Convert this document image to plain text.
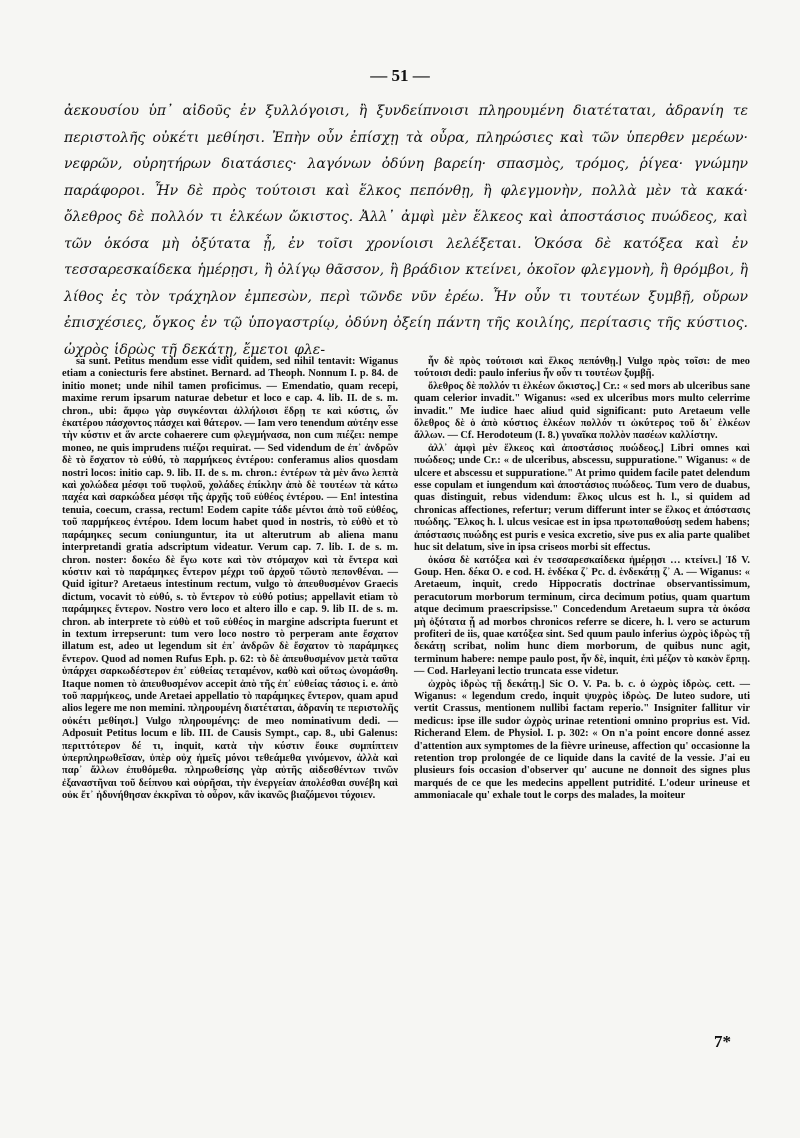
— 51 —
ἀεκουσίου ὑπ᾽ αἰδοῦς ἐν ξυλλόγοισι, ἢ ξυνδείπνοισι πληρουμένη διατέταται, ἀδρανίη τε περιστολῆς οὐκέτι μεθίησι. Ἐπὴν οὖν ἐπίσχῃ τὰ οὖρα, πληρώσιες καὶ τῶν ὑπερθεν μερέων· νεφρῶν, οὐρητήρων διατάσιες· λαγόνων ὀδύνη βαρείη· σπασμὸς, τρόμος, ῥίγεα· γνώμην παράφοροι. Ἦν δὲ πρὸς τούτοισι καὶ ἕλκος πεπόνθῃ, ἢ φλεγμονὴν, πολλὰ μὲν τὰ κακά· ὄλεθρος δὲ πολλόν τι ἑλκέων ὤκιστος. Ἀλλ᾽ ἀμφὶ μὲν ἕλκεος καὶ ἀποστάσιος πυώδεος, καὶ τῶν ὁκόσα μὴ ὀξύτατα ᾖ, ἐν τοῖσι χρονίοισι λελέξεται. Ὁκόσα δὲ κατόξεα καὶ ἐν τεσσαρεσκαίδεκα ἡμέρῃσι, ἢ ὀλίγῳ θᾶσσον, ἢ βράδιον κτείνει, ὁκοῖον φλεγμονὴ, ἢ θρόμβοι, ἢ λίθος ἐς τὸν τράχηλον ἐμπεσὼν, περὶ τῶνδε νῦν ἐρέω. Ἦν οὖν τι τουτέων ξυμβῇ, οὔρων ἐπισχέσιες, ὄγκος ἐν τῷ ὑπογαστρίῳ, ὀδύνη ὀξείη πάντη τῆς κοιλίης, περίτασις τῆς κύστιος. ὠχρὸς ἱδρὼς τῇ δεκάτῃ, ἔμετοι φλε-
sa sunt. Petitus mendum esse vidit quidem, sed nihil tentavit: Wiganus etiam a coniecturis fere abstinet. Bernard. ad Theoph. Nonnum I. p. 84. de initio monet; unde nihil tamen proficimus. — Emendatio, quam recepi, maxime rerum ipsarum naturae debetur et loco e cap. 4. lib. II. de s. m. chron., ubi: ἅμφω γὰρ συγκέονται ἀλλήλοισι ἕδρῃ τε καὶ κύστις, ὧν ἑκατέρου πάσχοντος πάσχει καὶ θάτερον. — Iam vero tenendum αὐτέην esse τὴν κύστιν et ἅν arcte cohaerere cum φλεγμήνασα, non cum πιέζει: nempe moneo, ne quis imprudens πιέζοι requirat. — Sed videndum de ἐπ᾽ ἀνδρῶν δὲ τὸ ἔσχατον τὸ εὐθύ, τὸ παρμήκεος ἐντέρου: conferamus alios quosdam nostri locos: initio cap. 9. lib. II. de s. m. chron.: ἐντέρων τὰ μὲν ἄνω λεπτὰ καὶ χολώδεα μέσφι τοῦ τυφλοῦ, χολάδες ἐπίκλην ἀπὸ δὲ τουτέων τὰ κάτω παχέα καὶ σαρκώδεα μέσφι τῆς ἀρχῆς τοῦ εὐθέος ἐντέρου. — En! intestina tenuia, coecum, crassa, rectum! Eodem capite τάδε μέντοι ἀπὸ τοῦ εὐθέος, τοῦ παρμήκεος ἐντέρου. Idem locum habet quod in nostris, τὸ εὐθὺ et τὸ παράμηκες secum coniunguntur, ita ut alterutrum ab aliena manu interpretandi gratia adscriptum videatur. Verum cap. 7. lib. I. de s. m. chron. noster: δοκέω δὲ ἔγω κοτε καὶ τὸν στόμαχον καὶ τὰ ἔντερα καὶ κύστιν καὶ τὸ παράμηκες ἔντερον μέχρι τοῦ ἀρχοῦ τῶυτὸ πεπονθέναι. — Quid igitur? Aretaeus intestinum rectum, vulgo τὸ ἀπευθυσμένον Graecis dictum, vocavit τὸ εὐθύ, s. τὸ ἔντερον τὸ εὐθύ potius; appellavit etiam τὸ παράμηκες ἔντερον. Nostro vero loco et altero illo e cap. 9. lib II. de s. m. chron. ab interprete τὸ εὐθὺ et τοῦ εὐθέος in margine adscripta fuerunt et in textum irrepserunt: tum vero loco nostro τὸ perperam ante ἔσχατον illatum est, adeo ut legendum sit ἐπ᾽ ἀνδρῶν δὲ ἔσχατον τὸ παράμηκες ἔντερον. Quod ad nomen Rufus Eph. p. 62: τὸ δὲ ἀπευθυσμένον μετὰ ταῦτα ὑπάρχει σαρκωδέστερον ἐπ᾽ εὐθείας τεταμένον, καθὸ καὶ οὕτως ὠνομάσθη. Itaque nomen τὸ ἀπευθυσμένον accepit ἀπὸ τῆς ἐπ᾽ εὐθείας τάσιος i. e. ἀπὸ τοῦ παρμήκεος, unde Aretaei appellatio τὸ παράμηκες ἔντερον, quam apud alios legere me non memini. πληρουμένη διατέταται, ἀδρανίη τε περιστολῆς οὐκέτι μεθίησι.] Vulgo πληρουμένης: de meo nominativum dedi. — Adposuit Petitus locum e lib. III. de Causis Sympt., cap. 8., ubi Galenus: περιττότερον δέ τι, inquit, κατὰ τὴν κύστιν ἔοικε συμπίπτειν ὑπερπληρωθεῖσαν, ὑπὲρ οὐχ ἡμεῖς μόνοι τεθεάμεθα γινόμενον, ἀλλὰ καὶ παρ᾽ ἄλλων ἐπυθόμεθα. πληρωθείσης γὰρ αὐτῆς αἰδεσθέντων τινῶν ἐξαναστῆναι τοῦ δείπνου καὶ οὐρῆσαι, τὴν ἐνεργείαν ἀπολέσθαι συνέβη καὶ οὐκ ἔτ᾽ ἠδυνήθησαν ἐκκρῖναι τὸ οὖρον, κἂν ἱκανῶς βιαζόμενοι τύχοιεν.

ἦν δὲ πρὸς τούτοισι καὶ ἕλκος πεπόνθῃ.] Vulgo πρὸς τοῖσι: de meo τούτοισι dedi: paulo inferius ἦν οὖν τι τουτέων ξυμβῇ.

ὄλεθρος δὲ πολλόν τι ἑλκέων ὤκιστος.] Cr.: « sed mors ab ulceribus sane quam celerior invadit." Wiganus: «sed ex ulceribus mors multo celerrime invadit." Me iudice haec aliud quid significant: puto Aretaeum velle ὄλεθρος δὲ ὁ ἀπὸ κύστιος ἑλκέων πολλόν τι ὠκύτερος τοῦ δι᾽ ἑλκέων ἄλλων. — Cf. Herodoteum (I. 8.) γυναῖκα πολλὸν πασέων καλλίστην.

ἀλλ᾽ ἀμφὶ μὲν ἕλκεος καὶ ἀποστάσιος πυώδεος.] Libri omnes καὶ πυώδεος; unde Cr.: « de ulceribus, abscessu, suppuratione." Wiganus: « de ulcere et abscessu et suppuratione." At primo quidem facile patet delendum esse copulam et iungendum καὶ ἀποστάσιος πυώδεος. Tum vero de duabus, quas distinguit, rebus videndum: ἕλκος ulcus est h. l., si quidem ad chronicas affectiones, refertur; verum differunt inter se ἕλκος et ἀπόστασις πυώδης. Ἕλκος h. l. ulcus vesicae est in ipsa πρωτοπαθούσῃ sedem habens; ἀπόστασις πυώδης est puris e vesica excretio, sive pus ex alia parte qualibet huc sit delatum, sive in ipsa criseos morbi sit effectus.

ὁκόσα δὲ κατόξεα καὶ ἐν τεσσαρεσκαίδεκα ἡμέρῃσι … κτείνει.] Ἰδ V. Goup. Hen. δέκα O. e cod. H. ἑνδέκα ζ᾽ Pc. d. ἑνδεκάτῃ ζ᾽ A. — Wiganus: « Aretaeum, inquit, credo Hippocratis doctrinae observantissimum, peracutorum morborum terminum, circa decimum potius, quam quartum atque decimum praescripsisse." Concedendum Aretaeum supra τὰ ὁκόσα μὴ ὀξύτατα ᾖ ad morbos chronicos referre se dicere, h. l. vero se acturum profiteri de iis, quae κατόξεα sint. Sed quum paulo inferius ὠχρὸς ἱδρὼς τῇ δεκάτῃ scribat, nolim hunc diem morborum, de quibus nunc agit, terminum habere: nempe paulo post, ἦν δὲ, inquit, ἐπὶ μέζον τὸ κακὸν ἕρπῃ. — Cod. Harleyani lectio truncata esse videtur.

ὠχρὸς ἱδρὼς τῇ δεκάτῃ.] Sic O. V. Pa. b. c. ὁ ὠχρὸς ἱδρὼς. cett. — Wiganus: « legendum credo, inquit ψυχρὸς ἱδρὼς. De luteo sudore, uti vertit Crassus, mentionem nullibi factam reperio." Insigniter fallitur vir medicus: ipse ille sudor ὠχρὸς urinae retentioni omnino proprius est. Vid. Richerand Elem. de Physiol. I. p. 302: « On n'a point encore donné assez d'attention aux symptomes de la fièvre urineuse, affection qu' occasionne la retention trop prolongée de ce liquide dans la cavité de la vessie. J'ai eu plusieurs fois occasion d'observer qu' aucune ne donnoit des signes plus marqués de ce que les medecins appellent putridité. L'odeur urineuse et ammoniacale qu' exhale tout le corps des malades, la moiteur

7*
